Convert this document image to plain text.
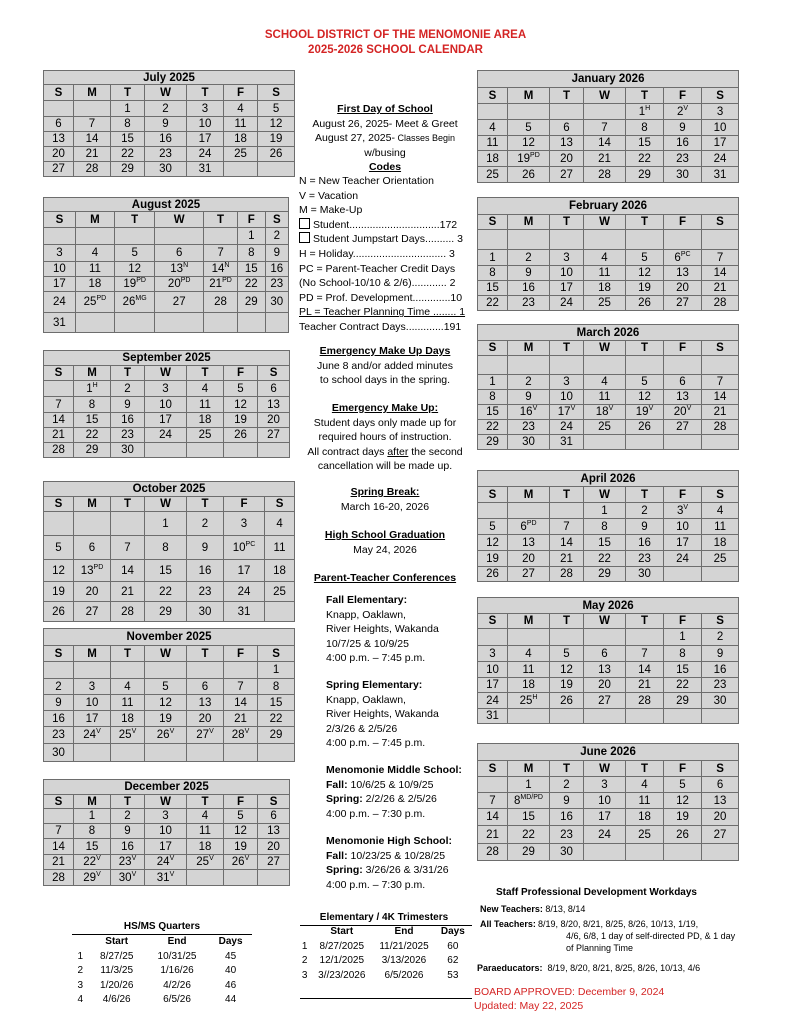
SCHOOL DISTRICT OF THE MENOMONIE AREA
2025-2026 SCHOOL CALENDAR
July 2025						
S	M	T	W	T	F	S
		1	2	3	4	5
6	7	8	9	10	11	12
13	14	15	16	17	18	19
20	21	22	23	24	25	26
27	28	29	30	31		
August 2025						
S	M	T	W	T	F	S
					1	2
3	4	5	6	7	8	9
10	11	12	$13^N$	$14^N$	15	16
17	18	$19^{PD}$	$20^{PD}$	$21^{PD}$	22	23
24	$25^{PD}$	$26^{MG}$	27	28	29	30
31						
September 2025						
S	M	T	W	T	F	S
	$1^H$	2	3	4	5	6
7	8	9	10	11	12	13
14	15	16	17	18	19	20
21	22	23	24	25	26	27
28	29	30				
October 2025						
S	M	T	W	T	F	S
			1	2	3	4
5	6	7	8	9	$10^{PC}$	11
12	$13^{PD}$	14	15	16	17	18
19	20	21	22	23	24	25
26	27	28	29	30	31	
November 2025						
S	M	T	W	T	F	S
						1
2	3	4	5	6	7	8
9	10	11	12	13	14	15
16	17	18	19	20	21	22
23	$24^V$	$25^V$	$26^V$	$27^V$	$28^V$	29
30						
December 2025						
S	M	T	W	T	F	S
	1	2	3	4	5	6
7	8	9	10	11	12	13
14	15	16	17	18	19	20
21	$22^V$	$23^V$	$24^V$	$25^V$	$26^V$	27
28	$29^V$	$30^V$	$31^V$			
January 2026						
S	M	T	W	T	F	S
				$1^H$	$2^V$	3
4	5	6	7	8	9	10
11	12	13	14	15	16	17
18	$19^{PD}$	20	21	22	23	24
25	26	27	28	29	30	31
February 2026						
S	M	T	W	T	F	S

1	2	3	4	5	$6^{PC}$	7
8	9	10	11	12	13	14
15	16	17	18	19	20	21
22	23	24	25	26	27	28
March 2026						
S	M	T	W	T	F	S

1	2	3	4	5	6	7
8	9	10	11	12	13	14
15	$16^V$	$17^V$	$18^V$	$19^V$	$20^V$	21
22	23	24	25	26	27	28
29	30	31				
April 2026						
S	M	T	W	T	F	S
			1	2	$3^V$	4
5	$6^{PD}$	7	8	9	10	11
12	13	14	15	16	17	18
19	20	21	22	23	24	25
26	27	28	29	30		
May 2026						
S	M	T	W	T	F	S
					1	2
3	4	5	6	7	8	9
10	11	12	13	14	15	16
17	18	19	20	21	22	23
24	$25^H$	26	27	28	29	30
31						
June 2026						
S	M	T	W	T	F	S
	1	2	3	4	5	6
7	$8^{MD/PD}$	9	10	11	12	13
14	15	16	17	18	19	20
21	22	23	24	25	26	27
28	29	30				
First Day of School
August 26, 2025- Meet & Greet
August 27, 2025- Classes Begin
w/busing
Codes
N = New Teacher Orientation
V = Vacation
M = Make-Up
Student...............................172
Student Jumpstart Days.......... 3
H = Holiday................................ 3
PC = Parent-Teacher Credit Days
(No School-10/10 & 2/6)............ 2
PD = Prof. Development.............10
PL = Teacher Planning Time ........ 1
Teacher Contract Days.............191
Emergency Make Up Days
June 8 and/or added minutes
to school days in the spring.
Emergency Make Up:
Student days only made up for
required hours of instruction.
All contract days after the second
cancellation will be made up.
Spring Break:
March 16-20, 2026
High School Graduation
May 24, 2026
Parent-Teacher Conferences
Fall Elementary:
Knapp, Oaklawn,
River Heights, Wakanda
10/7/25 & 10/9/25
4:00 p.m. – 7:45 p.m.
Spring Elementary:
Knapp, Oaklawn,
River Heights, Wakanda
2/3/26 & 2/5/26
4:00 p.m. – 7:45 p.m.
Menomonie Middle School:
Fall: 10/6/25 & 10/9/25
Spring: 2/2/26 & 2/5/26
4:00 p.m. – 7:30 p.m.
Menomonie High School:
Fall: 10/23/25 & 10/28/25
Spring: 3/26/26 & 3/31/26
4:00 p.m. – 7:30 p.m.
HS/MS Quarters			
	Start	End	Days
1	8/27/25	10/31/25	45
2	11/3/25	1/16/26	40
3	1/20/26	4/2/26	46
4	4/6/26	6/5/26	44
Elementary / 4K Trimesters			
	Start	End	Days
1	8/27/2025	11/21/2025	60
2	12/1/2025	3/13/2026	62
3	3//23/2026	6/5/2026	53
Staff Professional Development Workdays
New Teachers: 8/13, 8/14
All Teachers: 8/19, 8/20, 8/21, 8/25, 8/26, 10/13, 1/19,
4/6, 6/8, 1 day of self-directed PD, & 1 day
of Planning Time
Paraeducators: 8/19, 8/20, 8/21, 8/25, 8/26, 10/13, 4/6
BOARD APPROVED: December 9, 2024
Updated: May 22, 2025
